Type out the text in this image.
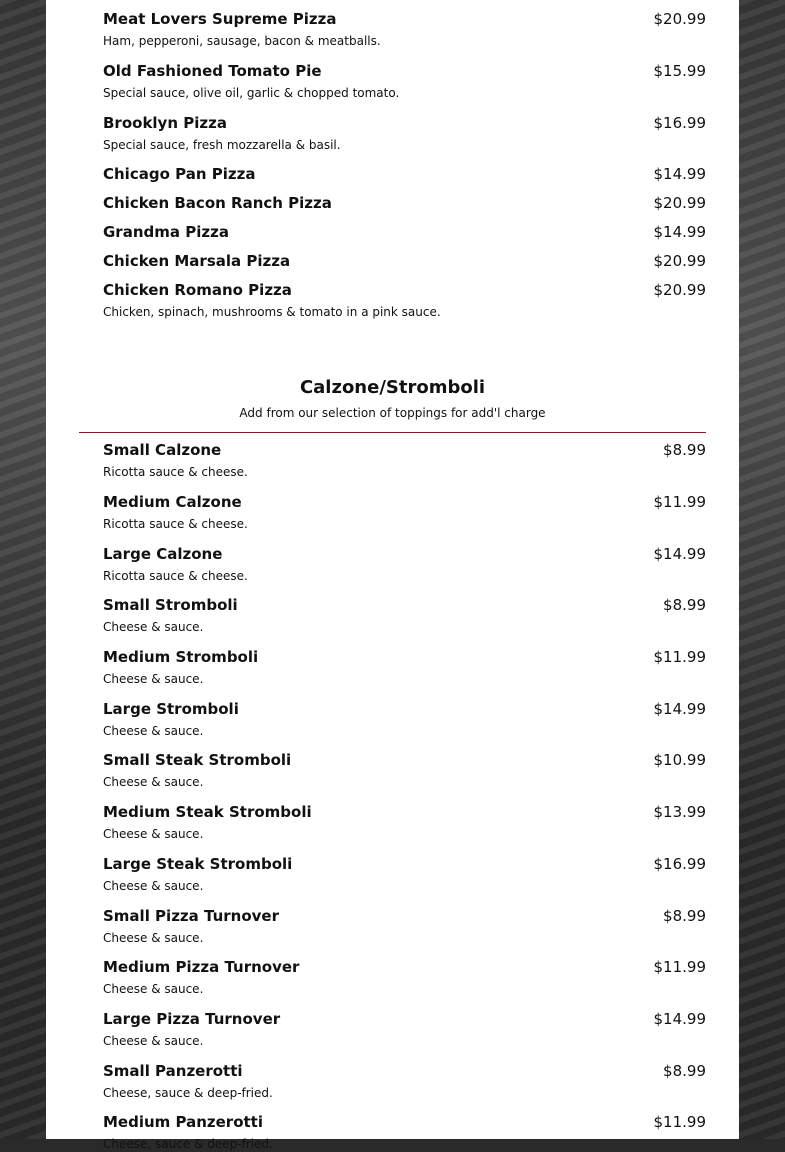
Meat Lovers Supreme Pizza	$20.99
Ham, pepperoni, sausage, bacon & meatballs.
Old Fashioned Tomato Pie	$15.99
Special sauce, olive oil, garlic & chopped tomato.
Brooklyn Pizza	$16.99
Special sauce, fresh mozzarella & basil.
Chicago Pan Pizza	$14.99
Chicken Bacon Ranch Pizza	$20.99
Grandma Pizza	$14.99
Chicken Marsala Pizza	$20.99
Chicken Romano Pizza	$20.99
Chicken, spinach, mushrooms & tomato in a pink sauce.
Calzone/Stromboli
Add from our selection of toppings for add'l charge
Small Calzone	$8.99
Ricotta sauce & cheese.
Medium Calzone	$11.99
Ricotta sauce & cheese.
Large Calzone	$14.99
Ricotta sauce & cheese.
Small Stromboli	$8.99
Cheese & sauce.
Medium Stromboli	$11.99
Cheese & sauce.
Large Stromboli	$14.99
Cheese & sauce.
Small Steak Stromboli	$10.99
Cheese & sauce.
Medium Steak Stromboli	$13.99
Cheese & sauce.
Large Steak Stromboli	$16.99
Cheese & sauce.
Small Pizza Turnover	$8.99
Cheese & sauce.
Medium Pizza Turnover	$11.99
Cheese & sauce.
Large Pizza Turnover	$14.99
Cheese & sauce.
Small Panzerotti	$8.99
Cheese, sauce & deep-fried.
Medium Panzerotti	$11.99
Cheese, sauce & deep-fried.
